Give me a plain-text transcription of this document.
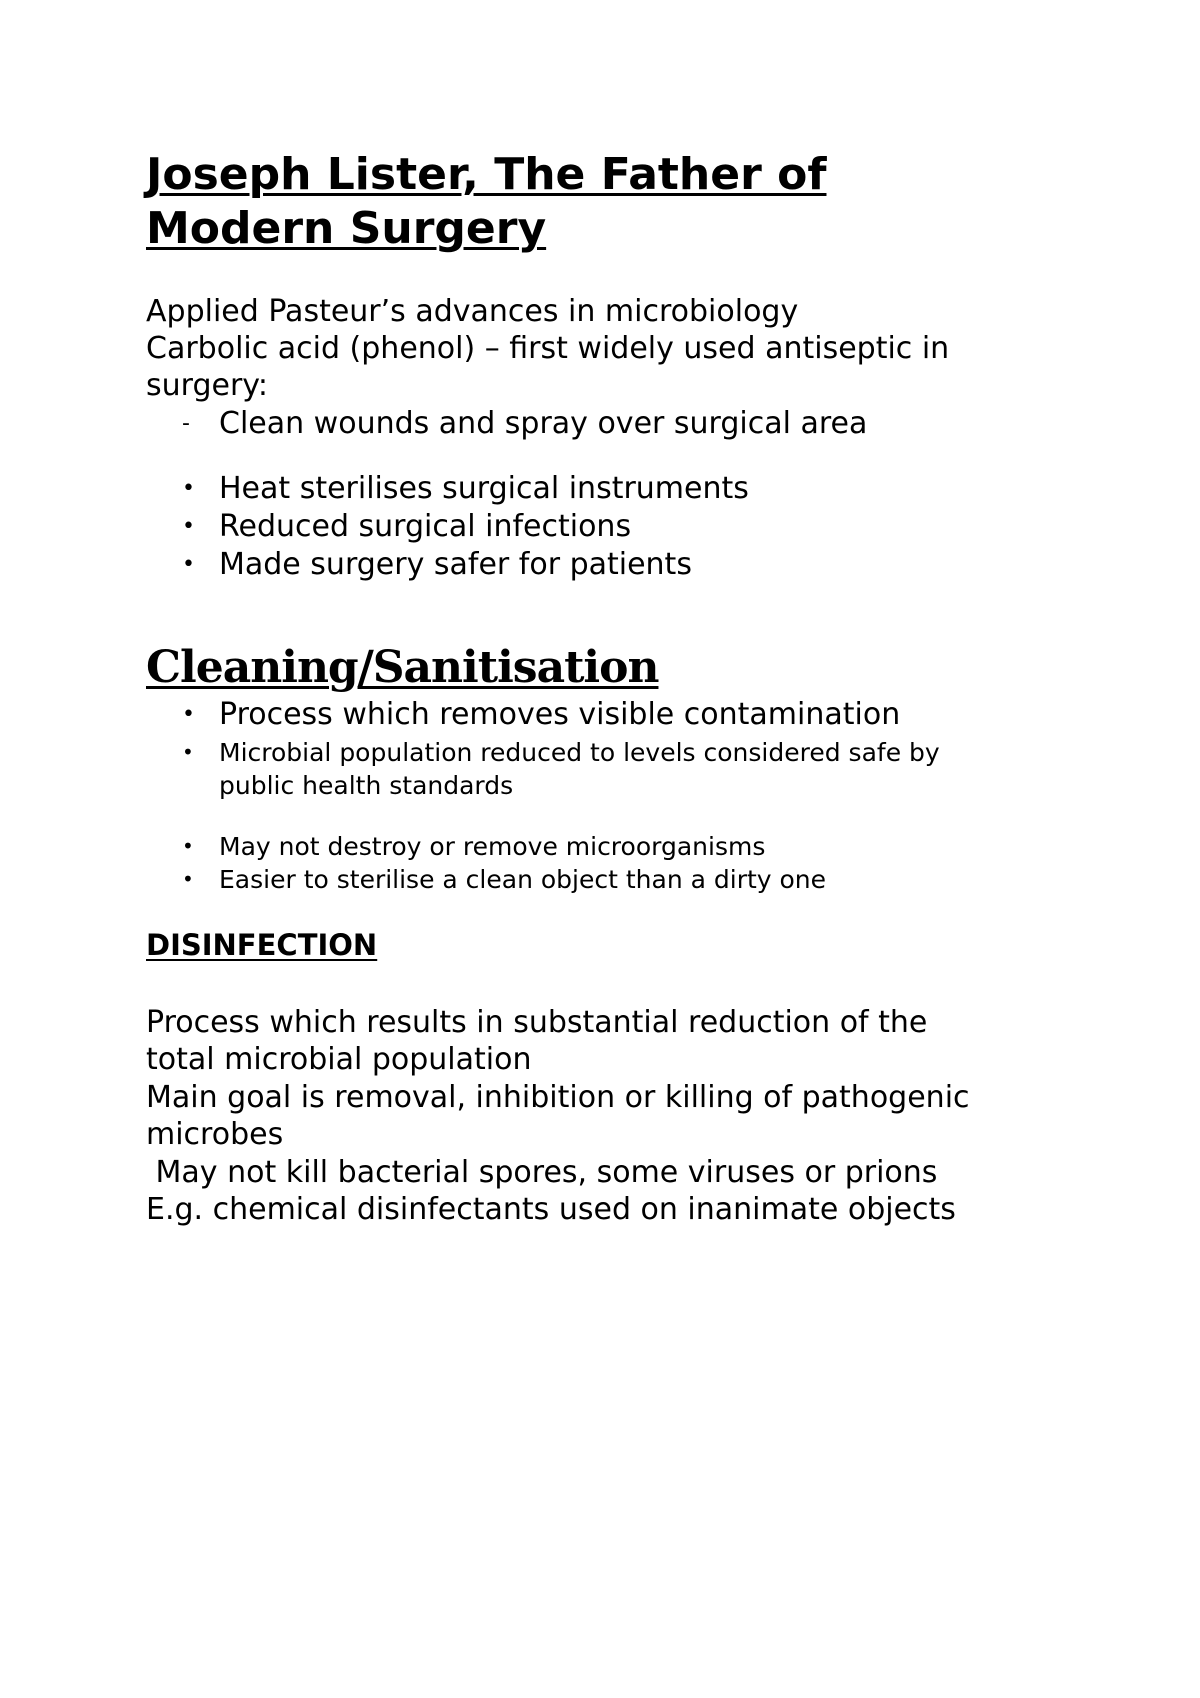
Joseph Lister, The Father of
Modern Surgery

Applied Pasteur’s advances in microbiology

Carbolic acid (phenol) – first widely used antiseptic in

surgery:

- Clean wounds and spray over surgical area
• Heat sterilises surgical instruments
• Reduced surgical infections
• Made surgery safer for patients
Cleaning/Sanitisation
• Process which removes visible contamination
• Microbial population reduced to levels considered safe by
public health standards
• May not destroy or remove microorganisms
• Easier to sterilise a clean object than a dirty one
DISINFECTION

Process which results in substantial reduction of the

total microbial population

Main goal is removal, inhibition or killing of pathogenic

microbes

May not kill bacterial spores, some viruses or prions

E.g. chemical disinfectants used on inanimate objects
